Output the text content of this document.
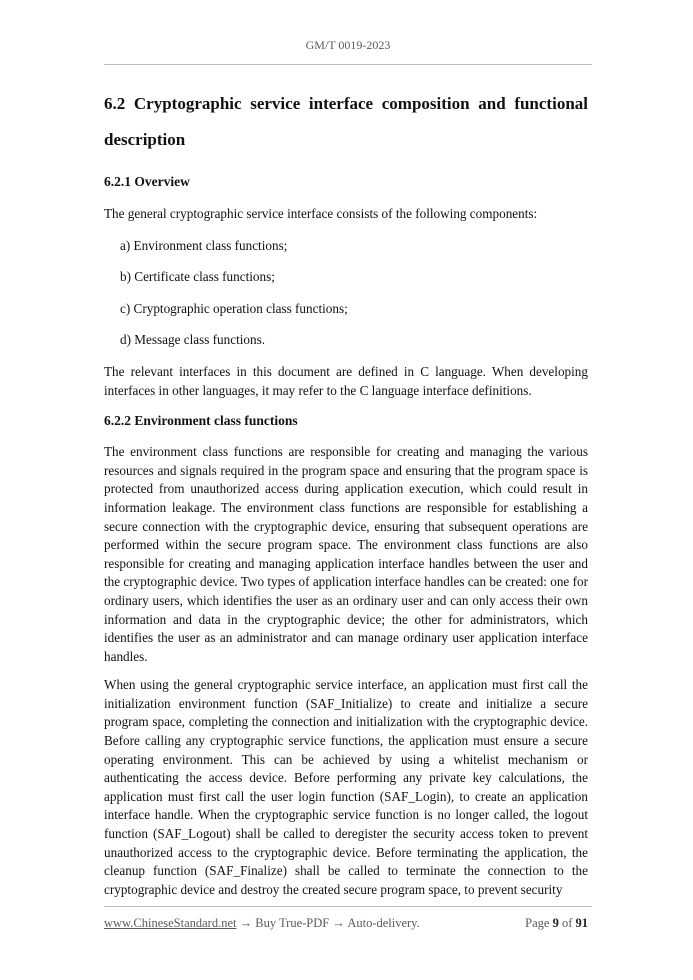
GM/T 0019-2023
6.2 Cryptographic service interface composition and functional description
6.2.1 Overview

The general cryptographic service interface consists of the following components:

a) Environment class functions;
b) Certificate class functions;
c) Cryptographic operation class functions;
d) Message class functions.

The relevant interfaces in this document are defined in C language. When developing interfaces in other languages, it may refer to the C language interface definitions.

6.2.2 Environment class functions

The environment class functions are responsible for creating and managing the various resources and signals required in the program space and ensuring that the program space is protected from unauthorized access during application execution, which could result in information leakage. The environment class functions are responsible for establishing a secure connection with the cryptographic device, ensuring that subsequent operations are performed within the secure program space. The environment class functions are also responsible for creating and managing application interface handles between the user and the cryptographic device. Two types of application interface handles can be created: one for ordinary users, which identifies the user as an ordinary user and can only access their own information and data in the cryptographic device; the other for administrators, which identifies the user as an administrator and can manage ordinary user application interface handles.

When using the general cryptographic service interface, an application must first call the initialization environment function (SAF_Initialize) to create and initialize a secure program space, completing the connection and initialization with the cryptographic device. Before calling any cryptographic service functions, the application must ensure a secure operating environment. This can be achieved by using a whitelist mechanism or authenticating the access device. Before performing any private key calculations, the application must first call the user login function (SAF_Login), to create an application interface handle. When the cryptographic service function is no longer called, the logout function (SAF_Logout) shall be called to deregister the security access token to prevent unauthorized access to the cryptographic device. Before terminating the application, the cleanup function (SAF_Finalize) shall be called to terminate the connection to the cryptographic device and destroy the created secure program space, to prevent security

www.ChineseStandard.net → Buy True-PDF → Auto-delivery.	Page 9 of 91
